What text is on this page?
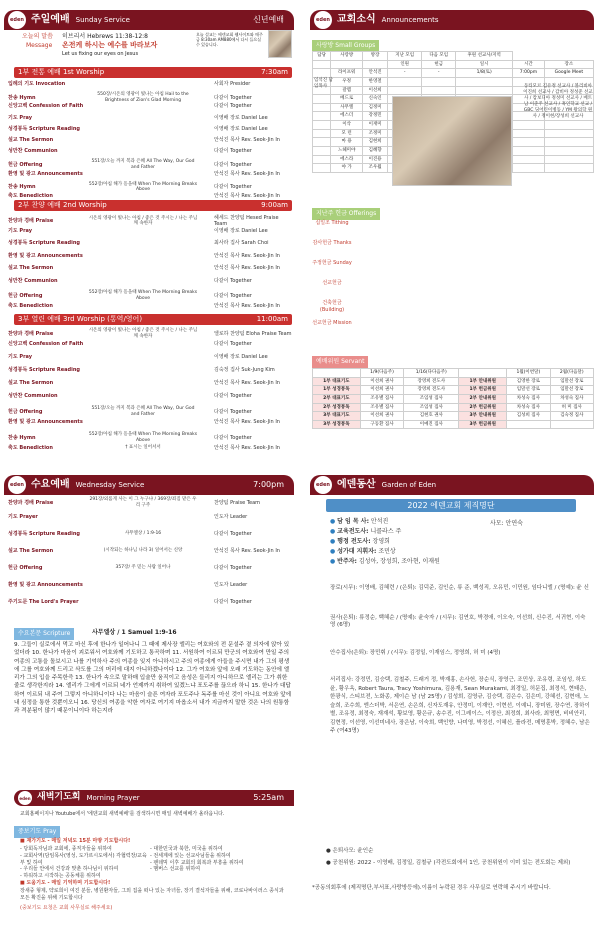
eden 주일예배 Sunday Service	신년예배
오늘의 말씀 히브리서 Hebrews 11:38-12:8
Message 온전케 하시는 예수를 바라보자
Let us fixing our eyes on Jesus
오늘 설교는 에덴교회 웹사이트와 매주 금 8:30am AM880에서 다시 들으실 수 있습니다.
1부 전통 예배 1st Worship	7:30am
입례의 기도 Invocation	사회자 Presider
찬송 Hymn	550장/시온의 영광이 빛나는 아침 Hail to the Brightness of Zion's Glad Morning	다같이 Together
신앙고백 Confession of Faith	다같이 Together
기도 Pray	이영배 장로 Daniel Lee
성경봉독 Scripture Reading	이영배 장로 Daniel Lee
설교 The Sermon	안석진 목사 Rev. Seok-Jin In
성만찬 Communion	다같이 Together
헌금 Offering	551장/오늘 까지 복과 은혜 All The Way, Our God and Father	다같이 Together
환영 및 광고 Announcements	안석진 목사 Rev. Seok-Jin In
찬송 Hymn	552장/아침 해가 돋을때 When The Morning Breaks Above	다같이 Together
축도 Benediction	안석진 목사 Rev. Seok-Jin In
2부 찬양 예배 2nd Worship	9:00am
찬양과 경배 Praise	시온의 영광이 빛나는 아침 / 좋은 것 주시는 / 나는 주님께 속한자
헤세드 찬양팀 Hesed Praise Team
기도 Pray	이영배 장로 Daniel Lee
성경봉독 Scripture Reading	최사라 집사 Sarah Choi
환영 및 광고 Announcements	안석진 목사 Rev. Seok-Jin In
설교 The Sermon	안석진 목사 Rev. Seok-Jin In
성만찬 Communion	다같이 Together
헌금 Offering	552장/아침 해가 돋을때 When The Morning Breaks Above	다같이 Together
축도 Benediction	안석진 목사 Rev. Seok-Jin In
3부 열린 예배 3rd Worship (통역/영어)	11:00am
찬양과 경배 Praise	시온의 영광이 빛나는 아침 / 좋은 것 주시는 / 나는 주님께 속한자	엘로하 찬양팀 Eloha Praise Team
신앙고백 Confession of Faith	다같이 Together
기도 Pray	이영배 장로 Daniel Lee
성경봉독 Scripture Reading	김숙정 집사 Suk-Jung Kim
설교 The Sermon	안석진 목사 Rev. Seok-Jin In
성만찬 Communion	다같이 Together
헌금 Offering	551장/오늘 까지 복과 은혜 All The Way, Our God and Father	다같이 Together
환영 및 광고 Announcements	안석진 목사 Rev. Seok-Jin In
찬송 Hymn	552장/아침 해가 돋을때 When The Morning Breaks Above	다같이 Together
축도 Benediction	† 표시는 일어서서	안석진 목사 Rev. Seok-Jin In
eden 수요예배 Wednesday Service	7:00pm
찬양과 경배 Praise	291장/외롭게 사는 이 그 누구냐 / 369장/죄짐 맡은 우리 구주	찬양팀 Praise Team
기도 Prayer	인도자 Leader
성경봉독 Scripture Reading	사무엘상 / 1:9-16	다같이 Together
설교 The Sermon	(시작되는 하나님 나라 3) 일어서는 신앙	안석진 목사 Rev. Seok-Jin In
헌금 Offering	357장/ 주 믿는 사람 일어나	다같이 Together
환영 및 광고 Announcements	인도자 Leader
주기도문 The Lord's Prayer	다같이 Together
수요본문 Scripture	사무엘상 / 1 Samuel 1:9-16
9. 그들이 실로에서 먹고 마신 후에 한나가 일어나니 그 때에 제사장 엘리는 여호와의 전 문설주 곁 의자에 앉아 있었더라 10. 한나가 마음이 괴로워서 여호와께 기도하고 통곡하며 11. 서원하여 이르되 만군의 여호와여 만일 주의 여종의 고통을 돌보시고 나를 기억하사 주의 여종을 잊지 아니하시고 주의 여종에게 아들을 주시면 내가 그의 평생에 그를 여호와께 드리고 삭도를 그의 머리에 대지 아니하겠나이다 12. 그가 여호와 앞에 오래 기도하는 동안에 엘리가 그의 입을 주목한즉 13. 한나가 속으로 말하매 입술만 움직이고 음성은 들리지 아니하므로 엘리는 그가 취한 줄로 생각한지라 14. 엘리가 그에게 이르되 네가 언제까지 취하여 있겠느냐 포도주를 끊으라 하니 15. 한나가 대답하여 이르되 내 주여 그렇지 아니하니이다 나는 마음이 슬픈 여자라 포도주나 독주를 마신 것이 아니요 여호와 앞에 내 심정을 통한 것뿐이오니 16. 당신의 여종을 악한 여자로 여기지 마옵소서 내가 지금까지 말한 것은 나의 원통함과 격분됨이 많기 때문이니이다 하는지라
eden 새벽기도회 Morning Prayer	5:25am
교회홈페이지나 Youtube에서 '에덴교회 새벽예배'를 검색하시면 매일 새벽예배가 올라옵니다.
중보기도 Pray
■ 재가기도 - 매일 저녁도 15분 마땅 기도합시다!
- 당회독자님과 교회에, 종직자들을 위하여
- 교회사역(담임목사(영성, 도가르시도에서) 각협력장/교육부 및 하여
- 우리들 안에서 건강과 맞춘 하나님이 위하여
- 하워하고 시작하는 공동체를 위하여
- 대한민국과 북한, 미국을 위하여
- 전세계에 있는 선교사님들을 위하여
- 팬데믹 이후 교회의 회복과 부흥을 위하여
- 맴버스 선교를 위하여
■ 도움기도 - 매일 기억하며 기도합시다!
장새중 형제, 약로희이 여진 분들, 병원환자들, 그외 집을 떠나 있는 자녀들, 장기 결석자들을 위해, 코로나바이러스 종식과 모든 확진을 위해 기도합시다
(중보기도 요청은 교회 사무실로 해주세요)
eden 교회소식 Announcements
사랑방 Small Groups
담당	사랑방	방장	지난 모임	다음 모임	후원 선교사/지역		
			인원	헌금	일시	시간	장소
	라이프워	안석진	-	-	1/8(토)	7:00pm	Google Meet
	우정	한영철					
	갈렙	이선희					
	베드로	신숙인					
	사무엘	김정미					
	에스더	강정민					
	이삭	이재미					
	모 런	조정미					
	마 용	김현희					
	느헤미야	김혜향					
	에스라	이진용					
	야 가	조우월					
임석진 담임목사	동티모르 김유정 선교사 / 볼리비아 이진희 선교사 / 감비아 정성준 선교사 / 캄보디아 정성미 선교사 / 베트남 이준주 선교사 / 흑인학교 선교 / GBC 딩어린이병동 / YM 왕의학 원사 / 정이현/장성희 선교사
지난주 헌금 Offerings
십일조 Tithing
감사헌금 Thanks
주정헌금 Sunday
선교헌금
건축헌금 (Building)
선교헌금 Mission
예배위원 Servant
	1/9(다음주)	1/16(다다음주)		1월(이번달)	2월(다음달)
1부 대표기도	이선희 권사	장영희 전도사	1부 안내위원	김영한 장로	임말선 장로
1부 성경봉독	이선희 권사	장영희 전도사	1부 헌금위원	임말선 장로	임말선 장로
2부 대표기도	조유별 집사	조임성 집사	2부 안내위원	차성숙 집사	차성숙 집사
2부 성경봉독	조유별 집사	조임성 집사	2부 헌금위원	차성숙 집사	허 미 집사
3부 대표기도	이선희 권사	김현호 권사	3부 안내위원	김성희 집사	김숙정 집사
3부 성경봉독	구동환 집사	이예진 집사	3부 헌금위원		
eden 에덴동산 Garden of Eden
2022 에덴교회 제직명단
● 담 임 목 사: 안석진
● 교육전도사: 니콜라스 주
● 행정 전도사: 장영희
● 성가대 지휘자: 조민상
● 반주자: 김성아, 장성희, 조아현, 이재원
사모: 안연숙
장로(시무): 이영배, 김혜련 / (은퇴): 김덕준, 김인순, 류 준, 백성직, 오유민, 이민원, 임다니엘 / (명예): 윤 신
권사(은퇴): 류정순, 백혜순 / (명예): 윤숙자 / (시무): 김연호, 박경애, 이오숙, 이선희, 신수진, 서귀현, 이숙영 (6명)
안수집사(은퇴): 장민휘 / (시무): 김정일, 이재임스, 정영희, 허 미 (4명)
서리집사: 강정민, 김승택, 김철주, 드래거 정, 박재홍, 손사헌, 장순식, 장영근, 조민상, 조유령, 조임성, 하도윤, 황우옥, Robert Taura, Tracy Yoshimura, 김용재, Sean Murakami, 최경일, 허문집, 최정석, 현태은, 한광식, 스티브전, 노화종, 제이슨 남 (남 25명) / 김성희, 김영규, 김승택, 김은수, 김은미, 강혜선, 김현애, 노슬희, 조수희, 엔스더박, 서은연, 손은희, 신자도재유, 안정미, 이재안, 이현선, 이예니, 장미원, 장수연, 장하이별, 조유정, 최정숙, 재재석, 황보영, 황은규, 송수진, 이그레이스, 이정산, 최정희, 최사라, 최명면, 비비안리, 김현정, 이선영, 이선미네사, 장은남, 이숙희, 백인향, 나미영, 박정선, 이혜신, 플라전, 메명훈박, 정혜수, 남은주 (여43명)
● 은퇴사모: 윤인순
● 공천위원: 2022 - 이영배, 김정일, 김철규 (각전도회에서 1인, 공천위원이 이미 있는 전도회는 제외)
*공동의회후에 (제직명단,부서표,사랑방등에).이름이 누락된 경우 사무실로 연락해 주시기 바랍니다.
